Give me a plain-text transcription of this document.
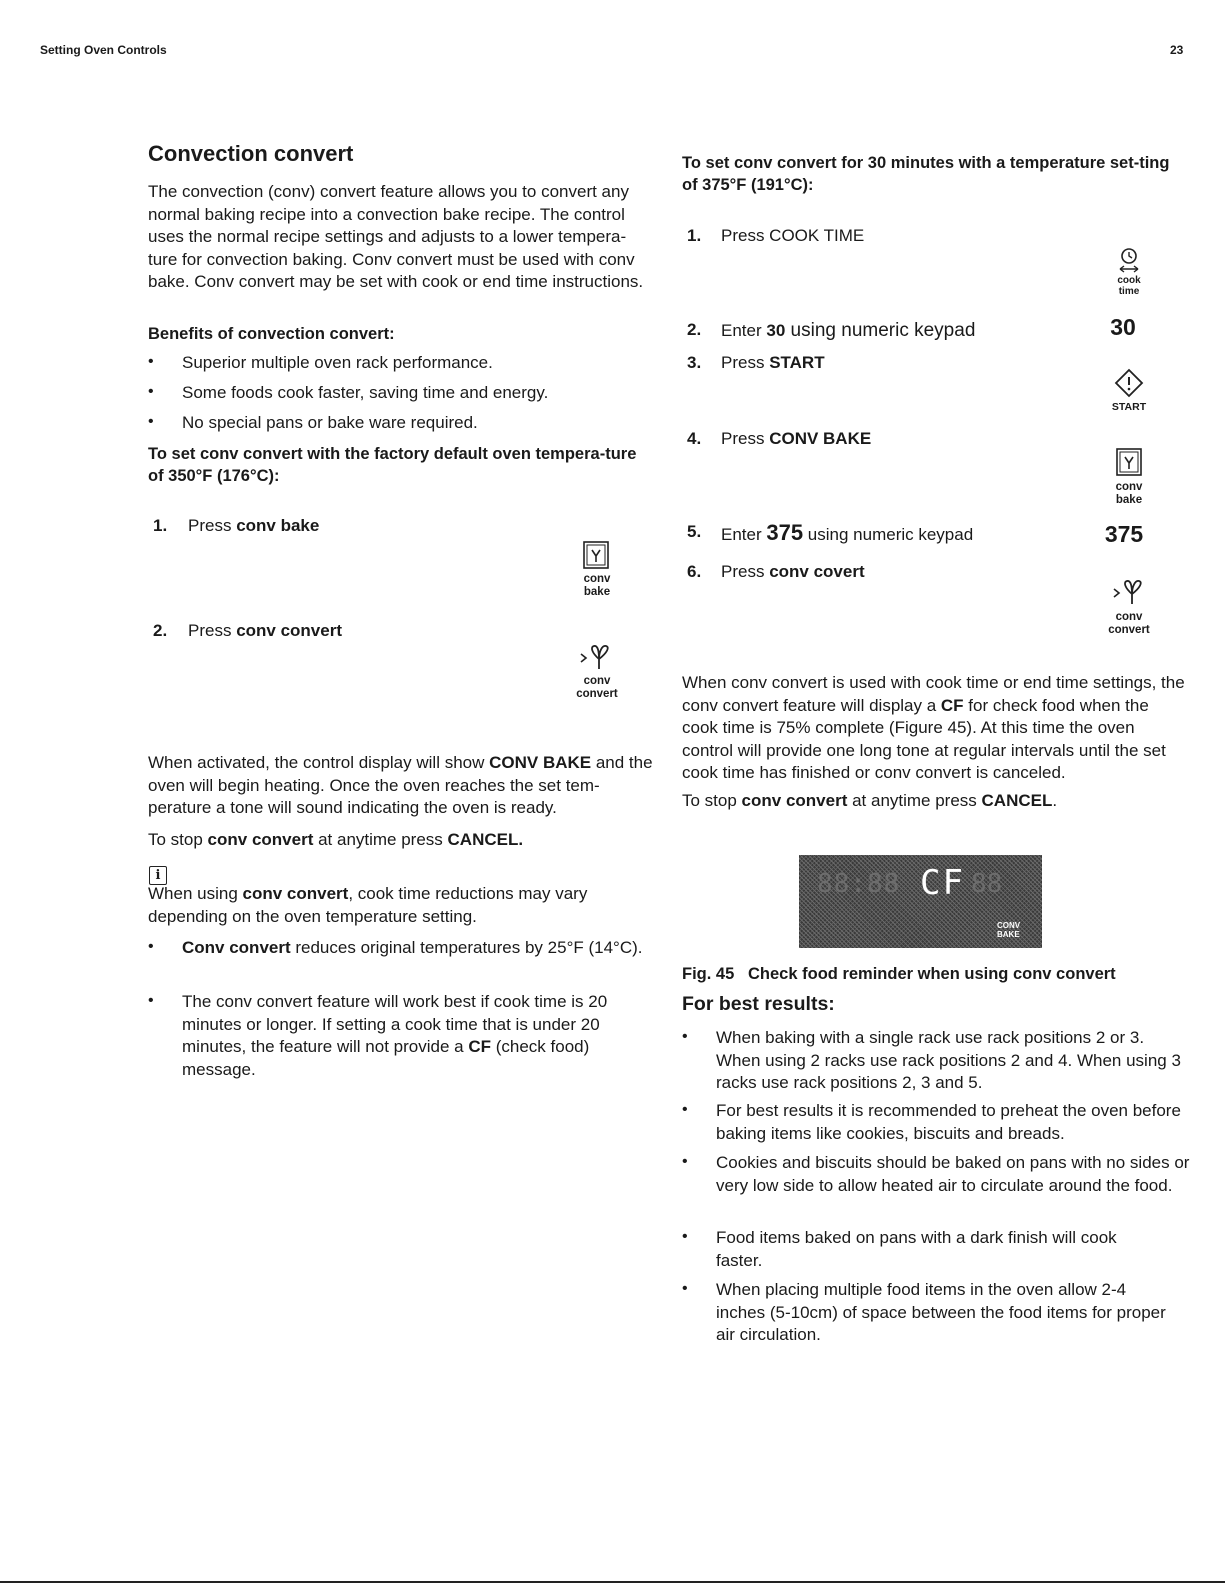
Setting Oven Controls	23
Convection convert
The convection (conv) convert feature allows you to convert any normal baking recipe into a convection bake recipe. The control uses the normal recipe settings and adjusts to a lower tempera-ture for convection baking. Conv convert must be used with conv bake. Conv convert may be set with cook or end time instructions.
Benefits of convection convert:
• Superior multiple oven rack performance.
• Some foods cook faster, saving time and energy.
• No special pans or bake ware required.
To set conv convert with the factory default oven tempera-ture of 350°F (176°C):
1. Press conv bake
2. Press conv convert
conv
bake
conv
convert
When activated, the control display will show CONV BAKE and the oven will begin heating. Once the oven reaches the set tem-perature a tone will sound indicating the oven is ready.
To stop conv convert at anytime press CANCEL.
i
When using conv convert, cook time reductions may vary depending on the oven temperature setting.
• Conv convert reduces original temperatures by 25°F (14°C).
• The conv convert feature will work best if cook time is 20 minutes or longer. If setting a cook time that is under 20 minutes, the feature will not provide a CF (check food) message.
To set conv convert for 30 minutes with a temperature set-ting of 375°F (191°C):
1. Press COOK TIME
2. Enter 30 using numeric keypad
3. Press START
4. Press CONV BAKE
5. Enter 375 using numeric keypad
6. Press conv covert
cook
time
30
START
conv
bake
375
conv
convert
When conv convert is used with cook time or end time settings, the conv convert feature will display a CF for check food when the cook time is 75% complete (Figure 45). At this time the oven control will provide one long tone at regular intervals until the set cook time has finished or conv convert is canceled.
To stop conv convert at anytime press CANCEL.
88:88	88
CF
CONV BAKE
Fig. 45   Check food reminder when using conv convert
For best results:
• When baking with a single rack use rack positions 2 or 3. When using 2 racks use rack positions 2 and 4. When using 3 racks use rack positions 2, 3 and 5.
• For best results it is recommended to preheat the oven before baking items like cookies, biscuits and breads.
• Cookies and biscuits should be baked on pans with no sides or very low side to allow heated air to circulate around the food.
• Food items baked on pans with a dark finish will cook faster.
• When placing multiple food items in the oven allow 2-4 inches (5-10cm) of space between the food items for proper air circulation.
